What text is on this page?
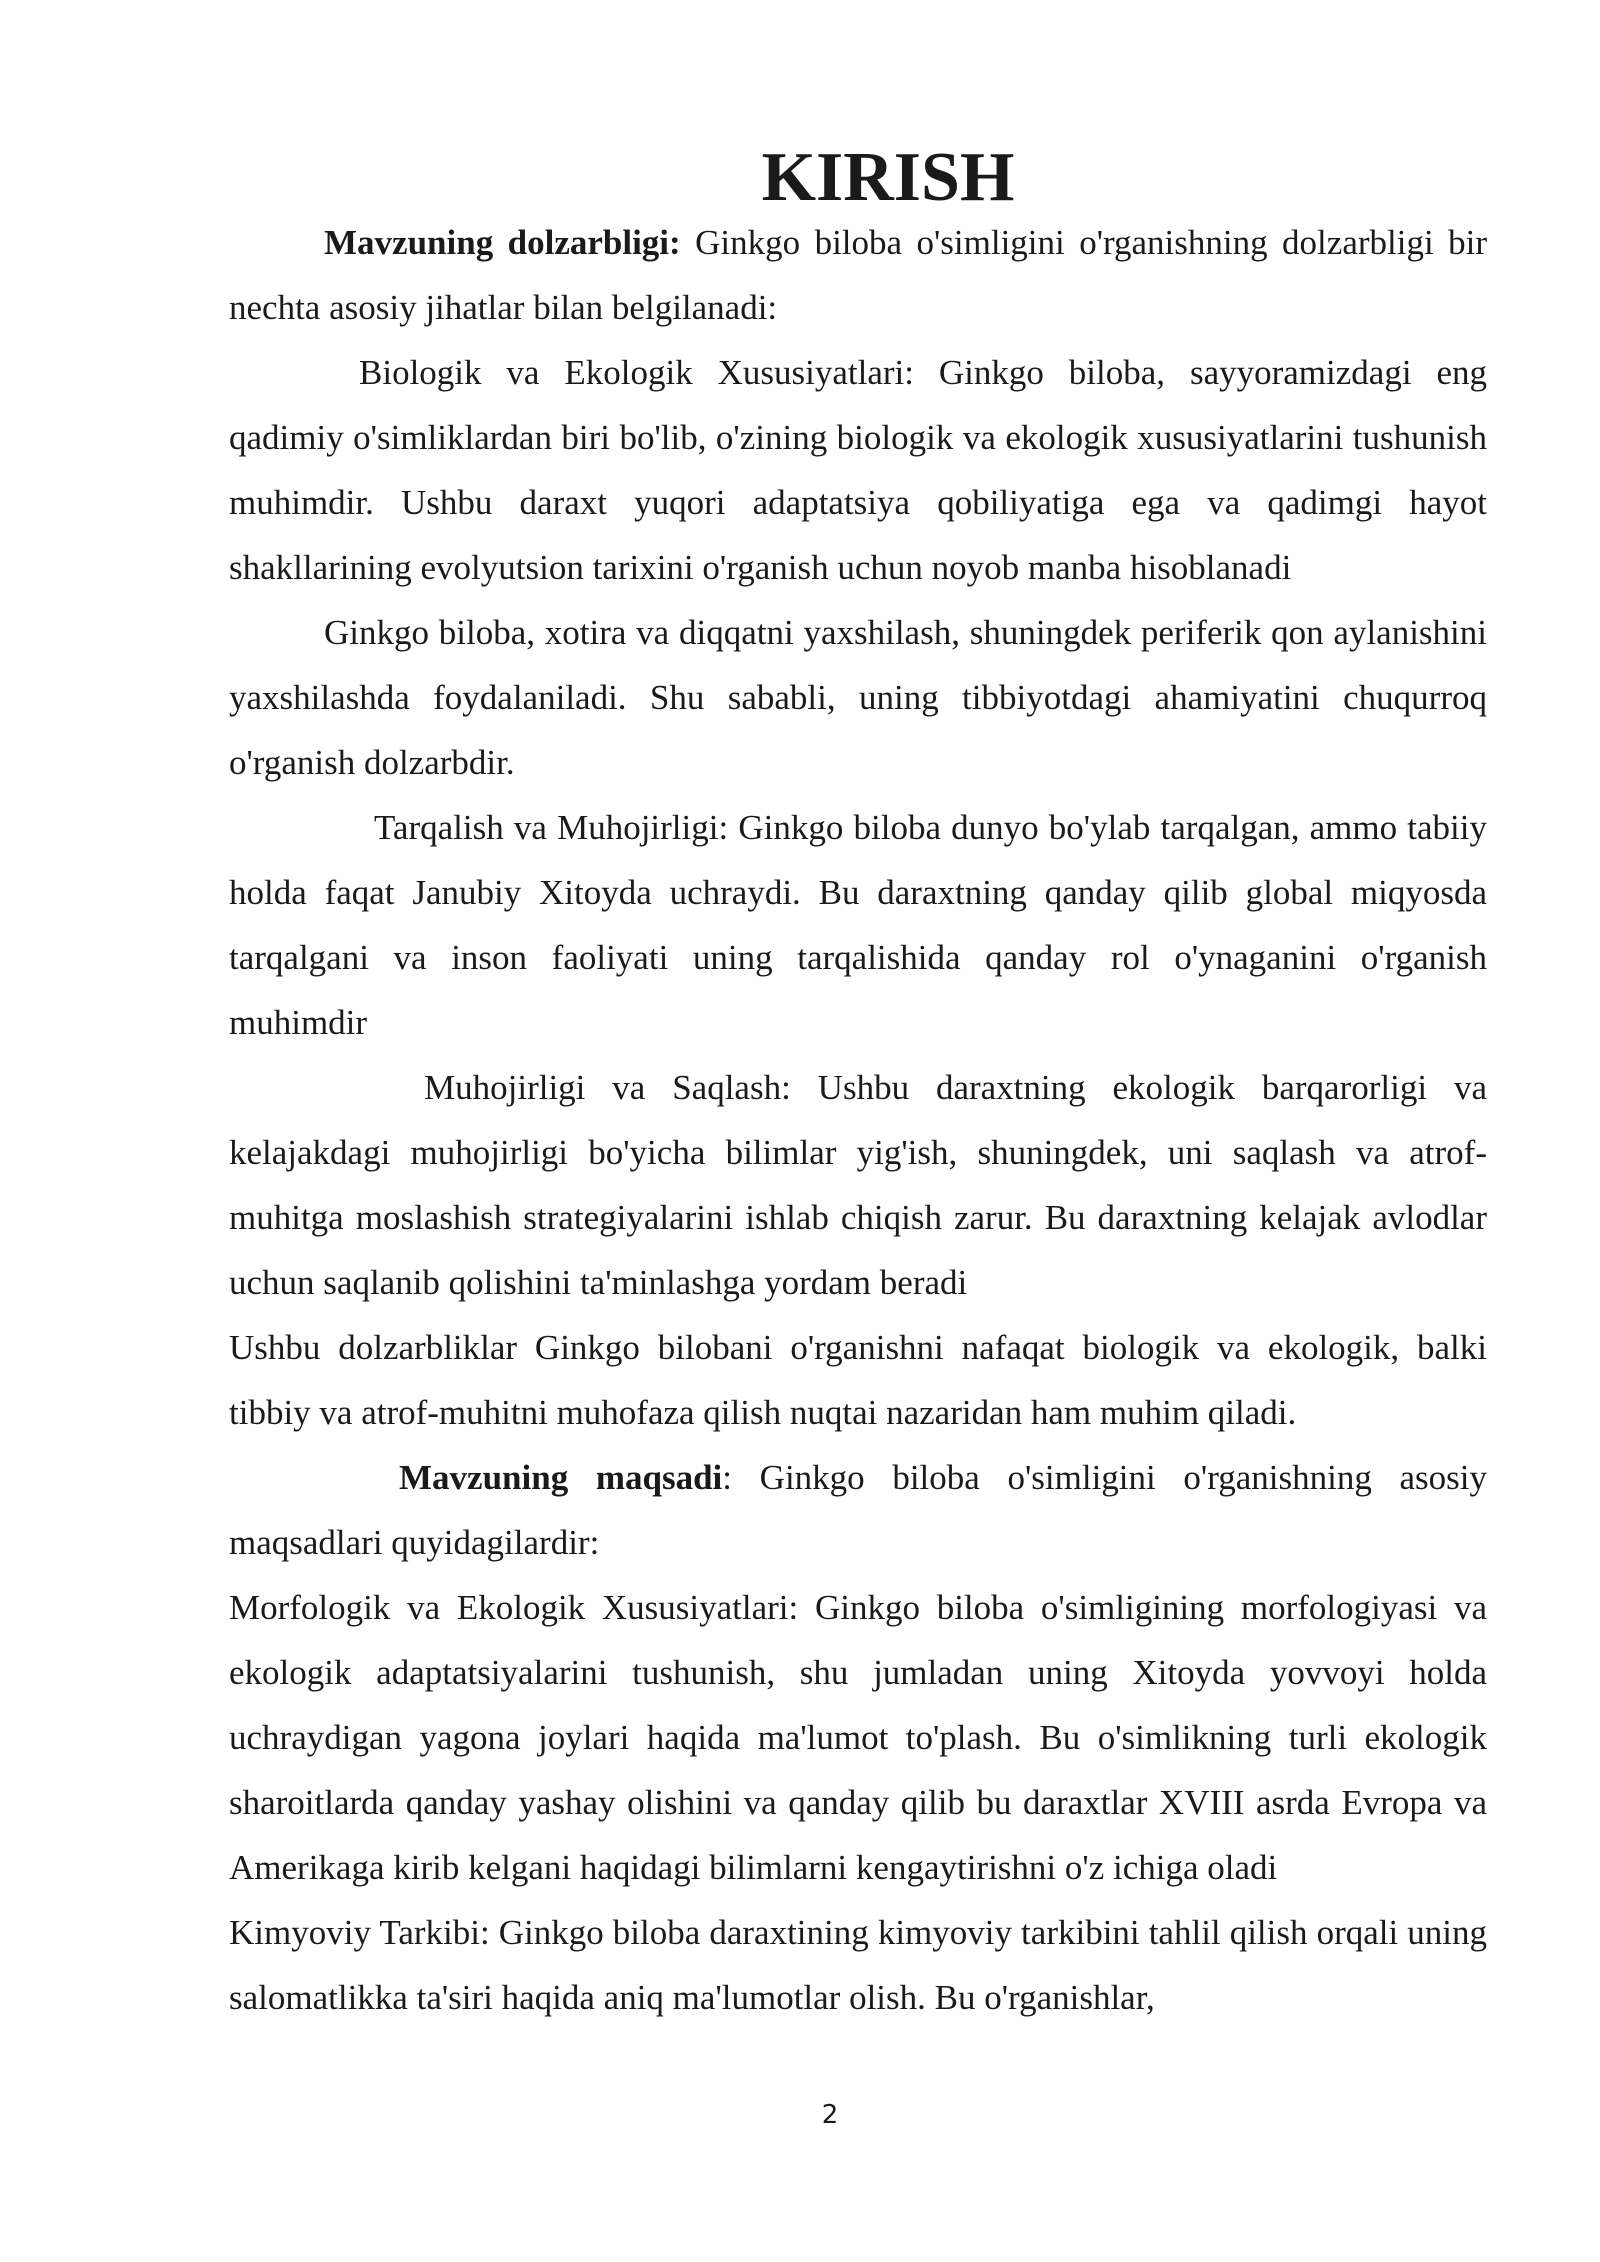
KIRISH

Mavzuning dolzarbligi: Ginkgo biloba o'simligini o'rganishning dolzarbligi bir nechta asosiy jihatlar bilan belgilanadi:

Biologik va Ekologik Xususiyatlari: Ginkgo biloba, sayyoramizdagi eng qadimiy o'simliklardan biri bo'lib, o'zining biologik va ekologik xususiyatlarini tushunish muhimdir. Ushbu daraxt yuqori adaptatsiya qobiliyatiga ega va qadimgi hayot shakllarining evolyutsion tarixini o'rganish uchun noyob manba hisoblanadi

Ginkgo biloba, xotira va diqqatni yaxshilash, shuningdek periferik qon aylanishini yaxshilashda foydalaniladi. Shu sababli, uning tibbiyotdagi ahamiyatini chuqurroq o'rganish dolzarbdir.

Tarqalish va Muhojirligi: Ginkgo biloba dunyo bo'ylab tarqalgan, ammo tabiiy holda faqat Janubiy Xitoyda uchraydi. Bu daraxtning qanday qilib global miqyosda tarqalgani va inson faoliyati uning tarqalishida qanday rol o'ynaganini o'rganish muhimdir

Muhojirligi va Saqlash: Ushbu daraxtning ekologik barqarorligi va kelajakdagi muhojirligi bo'yicha bilimlar yig'ish, shuningdek, uni saqlash va atrof-muhitga moslashish strategiyalarini ishlab chiqish zarur. Bu daraxtning kelajak avlodlar uchun saqlanib qolishini ta'minlashga yordam beradi

Ushbu dolzarbliklar Ginkgo bilobani o'rganishni nafaqat biologik va ekologik, balki tibbiy va atrof-muhitni muhofaza qilish nuqtai nazaridan ham muhim qiladi.

Mavzuning maqsadi: Ginkgo biloba o'simligini o'rganishning asosiy maqsadlari quyidagilardir:

Morfologik va Ekologik Xususiyatlari: Ginkgo biloba o'simligining morfologiyasi va ekologik adaptatsiyalarini tushunish, shu jumladan uning Xitoyda yovvoyi holda uchraydigan yagona joylari haqida ma'lumot to'plash. Bu o'simlikning turli ekologik sharoitlarda qanday yashay olishini va qanday qilib bu daraxtlar XVIII asrda Evropa va Amerikaga kirib kelgani haqidagi bilimlarni kengaytirishni o'z ichiga oladi

Kimyoviy Tarkibi: Ginkgo biloba daraxtining kimyoviy tarkibini tahlil qilish orqali uning salomatlikka ta'siri haqida aniq ma'lumotlar olish. Bu o'rganishlar,

2
